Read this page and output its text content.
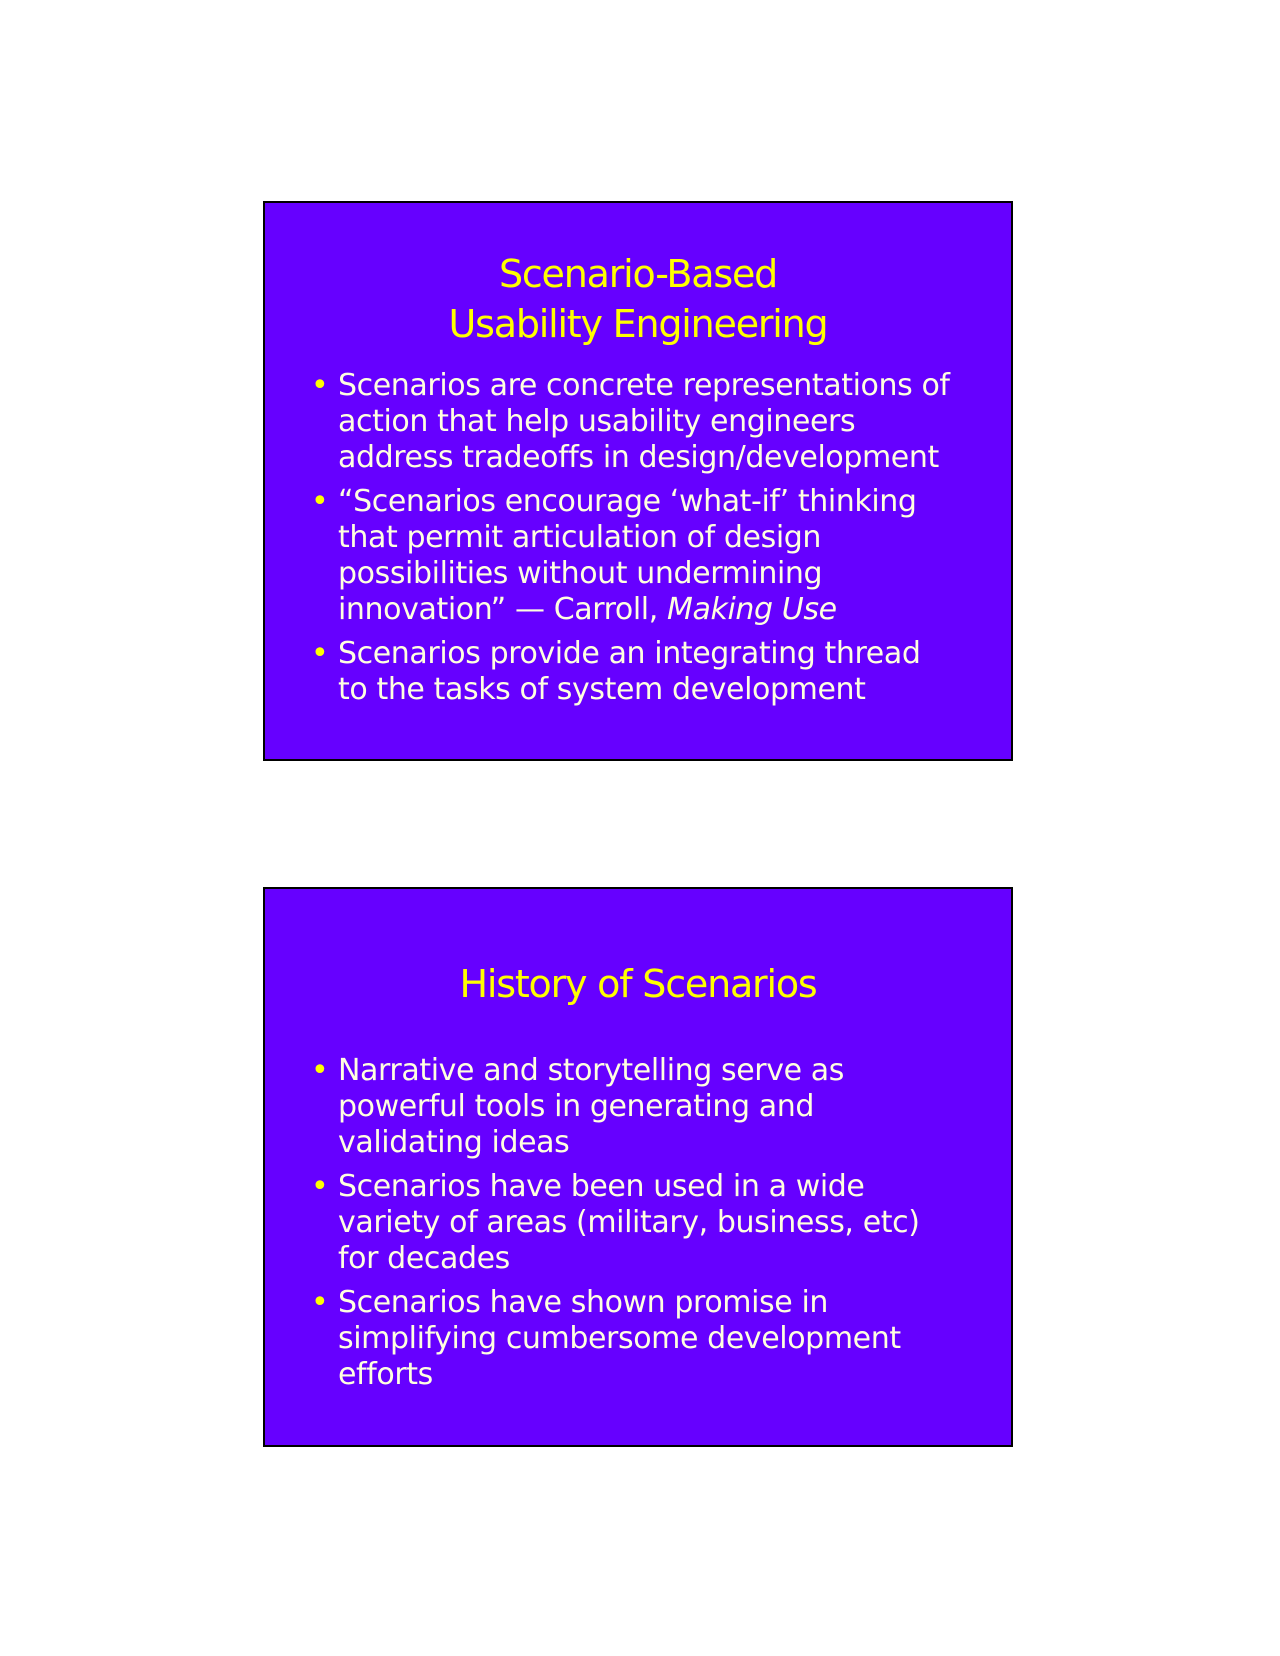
Scenario-Based
Usability Engineering
• Scenarios are concrete representations of
action that help usability engineers
address tradeoffs in design/development
• “Scenarios encourage ‘what-if’ thinking
that permit articulation of design
possibilities without undermining
innovation” — Carroll, Making Use
• Scenarios provide an integrating thread
to the tasks of system development
History of Scenarios
• Narrative and storytelling serve as
powerful tools in generating and
validating ideas
• Scenarios have been used in a wide
variety of areas (military, business, etc)
for decades
• Scenarios have shown promise in
simplifying cumbersome development
efforts
